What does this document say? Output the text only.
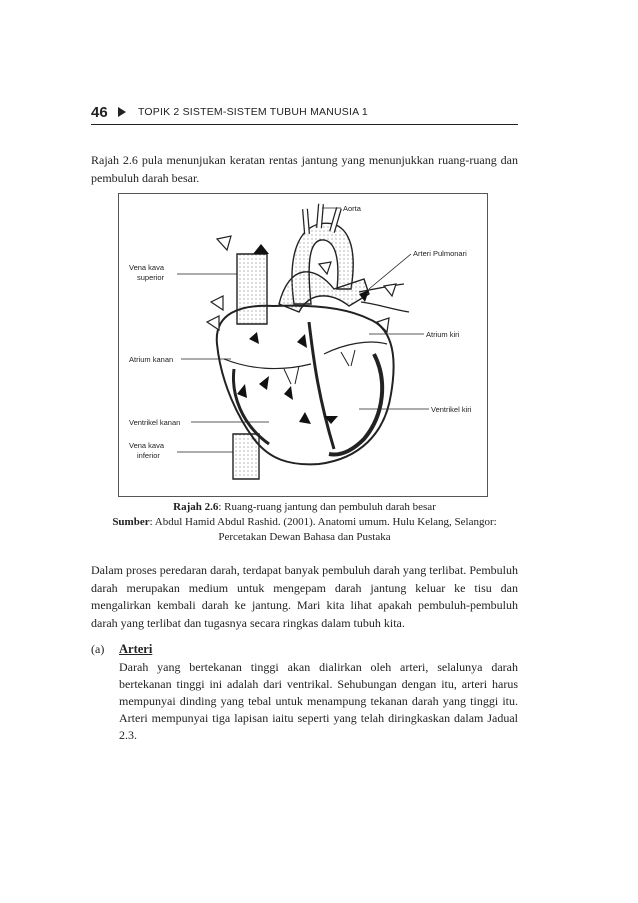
46	TOPIK 2 SISTEM-SISTEM TUBUH MANUSIA 1

Rajah 2.6 pula menunjukan keratan rentas jantung yang menunjukkan ruang-ruang dan pembuluh darah besar.

Aorta
Arteri Pulmonari
Vena kava
superior
Atrium kanan
Atrium kiri
Ventrikel kanan
Ventrikel kiri
Vena kava
inferior
Rajah 2.6: Ruang-ruang jantung dan pembuluh darah besar
Sumber: Abdul Hamid Abdul Rashid. (2001). Anatomi umum. Hulu Kelang, Selangor:
Percetakan Dewan Bahasa dan Pustaka

Dalam proses peredaran darah, terdapat banyak pembuluh darah yang terlibat. Pembuluh darah merupakan medium untuk mengepam darah jantung keluar ke tisu dan mengalirkan kembali darah ke jantung. Mari kita lihat apakah pembuluh-pembuluh darah yang terlibat dan tugasnya secara ringkas dalam tubuh kita.

(a) Arteri

Darah yang bertekanan tinggi akan dialirkan oleh arteri, selalunya darah bertekanan tinggi ini adalah dari ventrikal. Sehubungan dengan itu, arteri harus mempunyai dinding yang tebal untuk menampung tekanan darah yang tinggi itu. Arteri mempunyai tiga lapisan iaitu seperti yang telah diringkaskan dalam Jadual 2.3.
